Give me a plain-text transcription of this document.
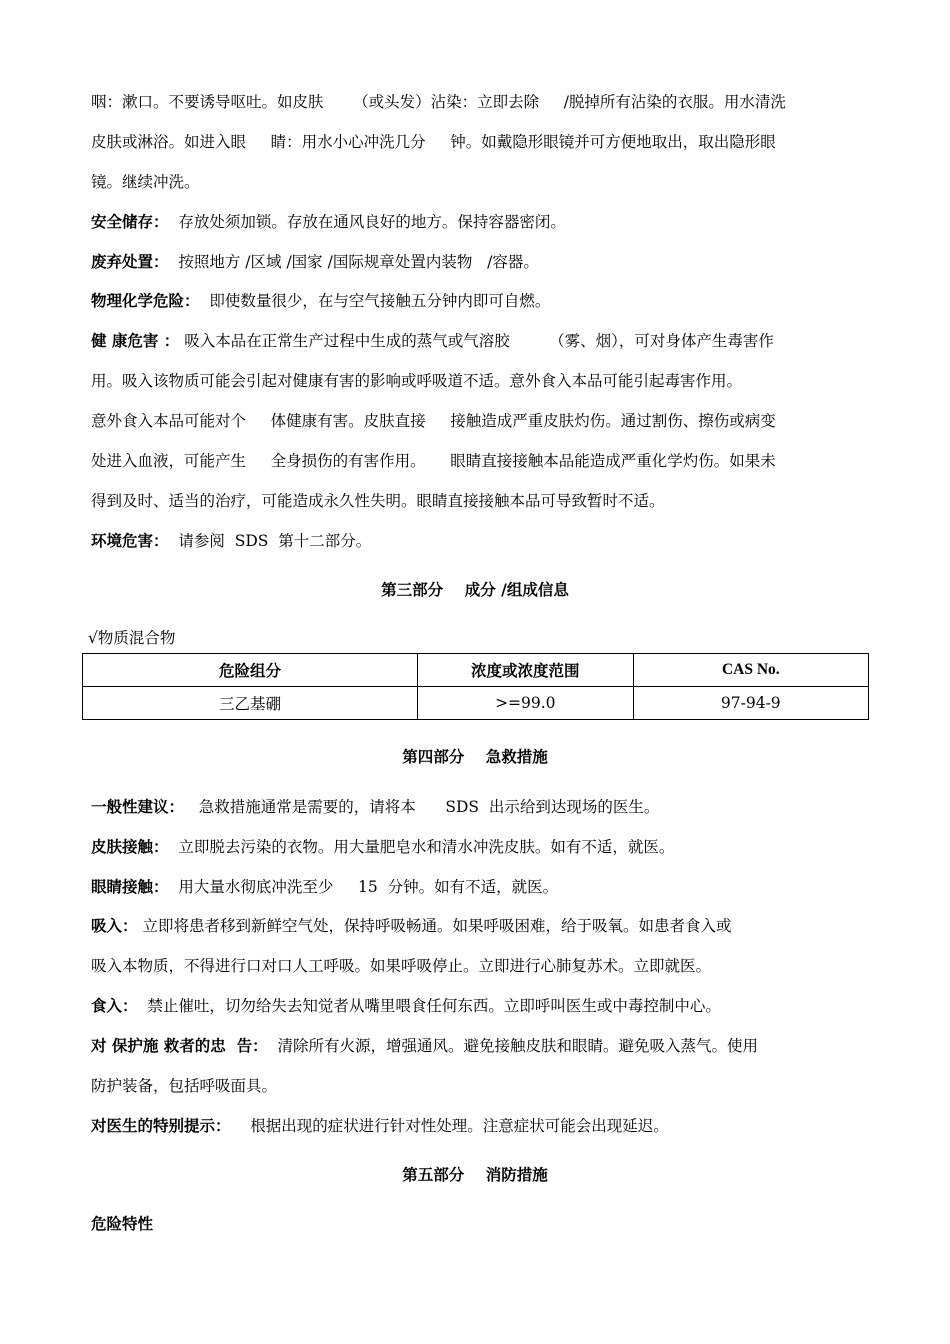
咽：漱口。不要诱导呕吐。如皮肤      （或头发）沾染：立即去除     /脱掉所有沾染的衣服。用水清洗
皮肤或淋浴。如进入眼     睛：用水小心冲洗几分     钟。如戴隐形眼镜并可方便地取出，取出隐形眼
镜。继续冲洗。
安全储存：  存放处须加锁。存放在通风良好的地方。保持容器密闭。
废弃处置：  按照地方 /区域 /国家 /国际规章处置内装物   /容器。
物理化学危险：  即使数量很少，在与空气接触五分钟内即可自燃。
健 康危害 ： 吸入本品在正常生产过程中生成的蒸气或气溶胶        （雾、烟），可对身体产生毒害作
用。吸入该物质可能会引起对健康有害的影响或呼吸道不适。意外食入本品可能引起毒害作用。
意外食入本品可能对个     体健康有害。皮肤直接     接触造成严重皮肤灼伤。通过割伤、擦伤或病变
处进入血液，可能产生     全身损伤的有害作用。     眼睛直接接触本品能造成严重化学灼伤。如果未
得到及时、适当的治疗，可能造成永久性失明。眼睛直接接触本品可导致暂时不适。
环境危害：  请参阅  SDS  第十二部分。
第三部分    成分 /组成信息
√物质混合物
危险组分	浓度或浓度范围	CAS No.
三乙基硼	>=99.0	97-94-9
第四部分    急救措施
一般性建议：   急救措施通常是需要的，请将本      SDS  出示给到达现场的医生。
皮肤接触：  立即脱去污染的衣物。用大量肥皂水和清水冲洗皮肤。如有不适，就医。
眼睛接触：  用大量水彻底冲洗至少     15  分钟。如有不适，就医。
吸入： 立即将患者移到新鲜空气处，保持呼吸畅通。如果呼吸困难，给于吸氧。如患者食入或
吸入本物质，不得进行口对口人工呼吸。如果呼吸停止。立即进行心肺复苏术。立即就医。
食入：  禁止催吐，切勿给失去知觉者从嘴里喂食任何东西。立即呼叫医生或中毒控制中心。
对 保护施 救者的忠  告：  清除所有火源，增强通风。避免接触皮肤和眼睛。避免吸入蒸气。使用
防护装备，包括呼吸面具。
对医生的特别提示：    根据出现的症状进行针对性处理。注意症状可能会出现延迟。
第五部分    消防措施
危险特性
